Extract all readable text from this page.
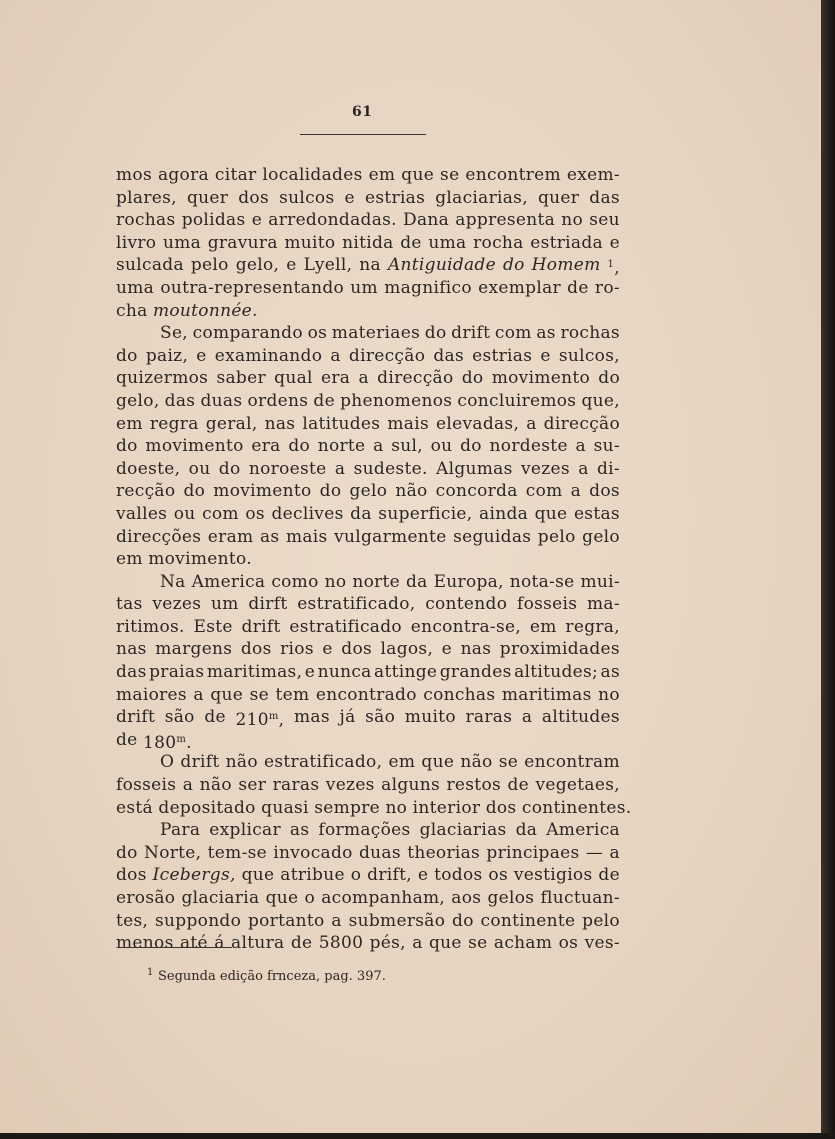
61
mos agora citar localidades em que se encontrem exem-
plares, quer dos sulcos e estrias glaciarias, quer das
rochas polidas e arredondadas. Dana appresenta no seu
livro uma gravura muito nitida de uma rocha estriada e
sulcada pelo gelo, e Lyell, na Antiguidade do Homem $^1$,
uma outra-representando um magnifico exemplar de ro-
cha moutonnée.
Se, comparando os materiaes do drift com as rochas
do paiz, e examinando a direcção das estrias e sulcos,
quizermos saber qual era a direcção do movimento do
gelo, das duas ordens de phenomenos concluiremos que,
em regra geral, nas latitudes mais elevadas, a direcção
do movimento era do norte a sul, ou do nordeste a su-
doeste, ou do noroeste a sudeste. Algumas vezes a di-
recção do movimento do gelo não concorda com a dos
valles ou com os declives da superficie, ainda que estas
direcções eram as mais vulgarmente seguidas pelo gelo
em movimento.
Na America como no norte da Europa, nota-se mui-
tas vezes um dirft estratificado, contendo fosseis ma-
ritimos. Este drift estratificado encontra-se, em regra,
nas margens dos rios e dos lagos, e nas proximidades
das praias maritimas, e nunca attinge grandes altitudes; as
maiores a que se tem encontrado conchas maritimas no
drift são de 210$^m$, mas já são muito raras a altitudes
de 180$^m$.
O drift não estratificado, em que não se encontram
fosseis a não ser raras vezes alguns restos de vegetaes,
está depositado quasi sempre no interior dos continentes.
Para explicar as formações glaciarias da America
do Norte, tem-se invocado duas theorias principaes — a
dos Icebergs, que atribue o drift, e todos os vestigios de
erosão glaciaria que o acompanham, aos gelos fluctuan-
tes, suppondo portanto a submersão do continente pelo
menos até á altura de 5800 pés, a que se acham os ves-
1 Segunda edição frnceza, pag. 397.
